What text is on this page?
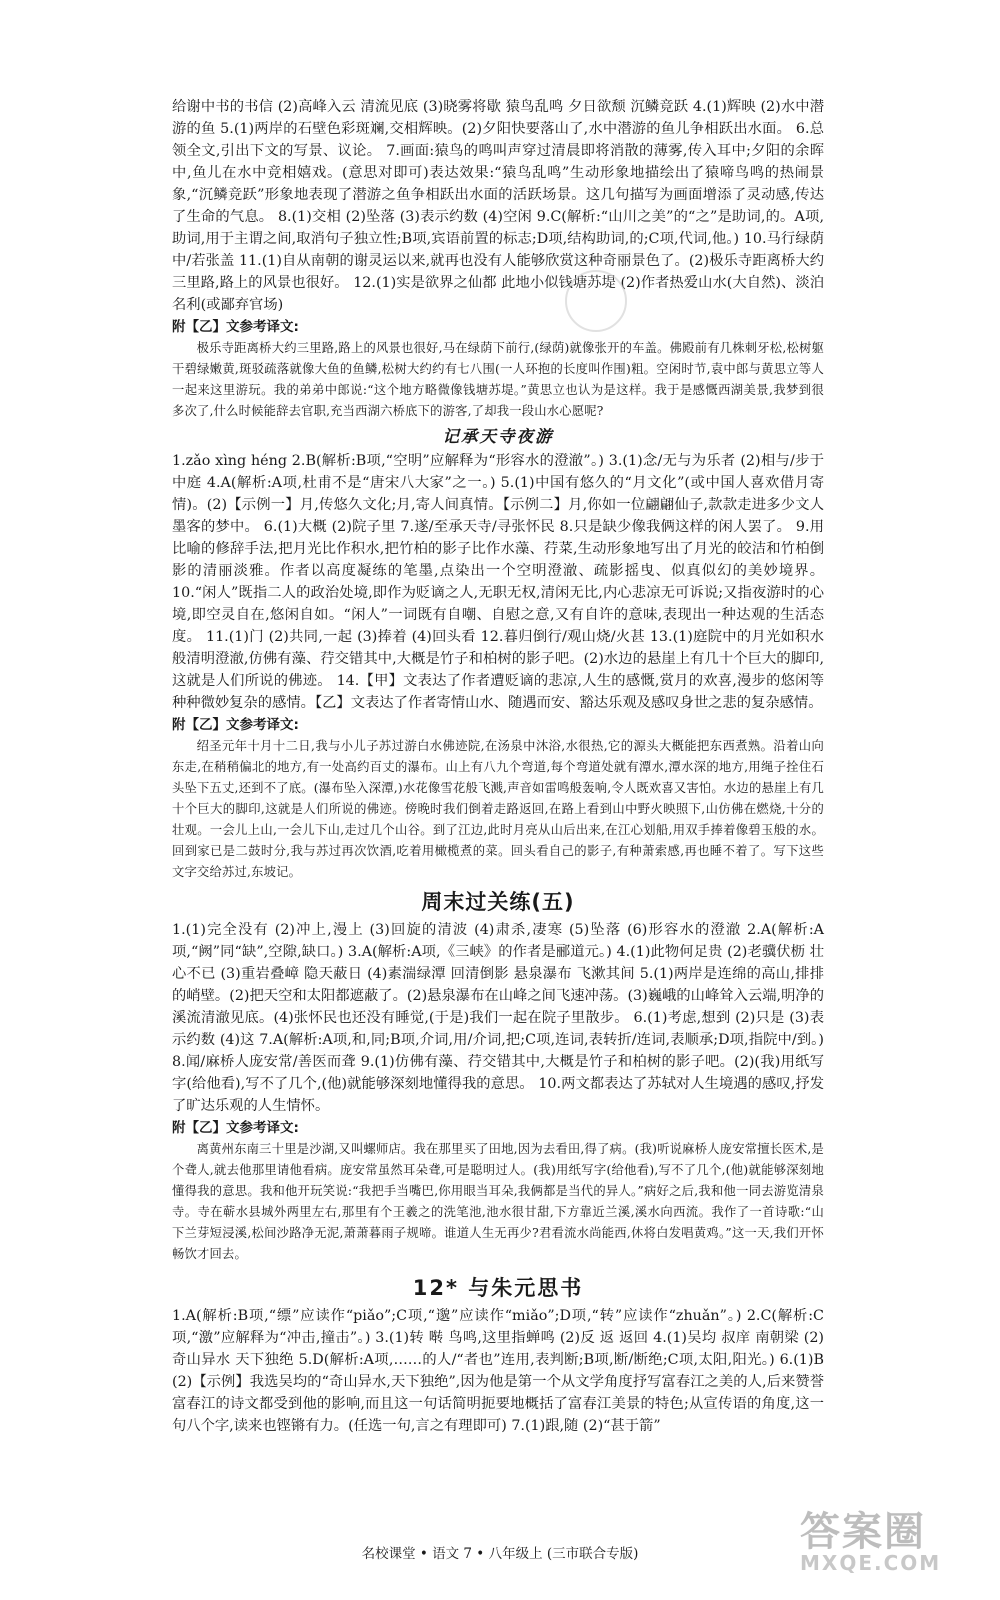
给谢中书的书信 (2)高峰入云 清流见底 (3)晓雾将歇 猿鸟乱鸣 夕日欲颓 沉鳞竞跃 4.(1)辉映 (2)水中潜游的鱼 5.(1)两岸的石壁色彩斑斓,交相辉映。(2)夕阳快要落山了,水中潜游的鱼儿争相跃出水面。 6.总领全文,引出下文的写景、议论。 7.画面:猿鸟的鸣叫声穿过清晨即将消散的薄雾,传入耳中;夕阳的余晖中,鱼儿在水中竞相嬉戏。(意思对即可)表达效果:“猿鸟乱鸣”生动形象地描绘出了猿啼鸟鸣的热闹景象,“沉鳞竞跃”形象地表现了潜游之鱼争相跃出水面的活跃场景。这几句描写为画面增添了灵动感,传达了生命的气息。 8.(1)交相 (2)坠落 (3)表示约数 (4)空闲 9.C(解析:“山川之美”的“之”是助词,的。A项,助词,用于主谓之间,取消句子独立性;B项,宾语前置的标志;D项,结构助词,的;C项,代词,他。) 10.马行绿荫中/若张盖 11.(1)自从南朝的谢灵运以来,就再也没有人能够欣赏这种奇丽景色了。(2)极乐寺距离桥大约三里路,路上的风景也很好。 12.(1)实是欲界之仙都 此地小似钱塘苏堤 (2)作者热爱山水(大自然)、淡泊名利(或鄙弃官场)

附【乙】文参考译文:

极乐寺距离桥大约三里路,路上的风景也很好,马在绿荫下前行,(绿荫)就像张开的车盖。佛殿前有几株刺牙松,松树躯干碧绿嫩黄,斑驳疏落就像大鱼的鱼鳞,松树大约约有七八围(一人环抱的长度叫作围)粗。空闲时节,袁中郎与黄思立等人一起来这里游玩。我的弟弟中郎说:“这个地方略微像钱塘苏堤。”黄思立也认为是这样。我于是感慨西湖美景,我梦到很多次了,什么时候能辞去官职,充当西湖六桥底下的游客,了却我一段山水心愿呢?

记承天寺夜游

1.zǎo xìng héng 2.B(解析:B项,“空明”应解释为“形容水的澄澈”。) 3.(1)念/无与为乐者 (2)相与/步于中庭 4.A(解析:A项,杜甫不是“唐宋八大家”之一。) 5.(1)中国有悠久的“月文化”(或中国人喜欢借月寄情)。(2)【示例一】月,传悠久文化;月,寄人间真情。【示例二】月,你如一位翩翩仙子,款款走进多少文人墨客的梦中。 6.(1)大概 (2)院子里 7.遂/至承天寺/寻张怀民 8.只是缺少像我俩这样的闲人罢了。 9.用比喻的修辞手法,把月光比作积水,把竹柏的影子比作水藻、荇菜,生动形象地写出了月光的皎洁和竹柏倒影的清丽淡雅。作者以高度凝练的笔墨,点染出一个空明澄澈、疏影摇曳、似真似幻的美妙境界。 10.“闲人”既指二人的政治处境,即作为贬谪之人,无职无权,清闲无比,内心悲凉无可诉说;又指夜游时的心境,即空灵自在,悠闲自如。“闲人”一词既有自嘲、自慰之意,又有自许的意味,表现出一种达观的生活态度。 11.(1)门 (2)共同,一起 (3)捧着 (4)回头看 12.暮归倒行/观山烧/火甚 13.(1)庭院中的月光如积水般清明澄澈,仿佛有藻、荇交错其中,大概是竹子和柏树的影子吧。(2)水边的悬崖上有几十个巨大的脚印,这就是人们所说的佛迹。 14.【甲】文表达了作者遭贬谪的悲凉,人生的感慨,赏月的欢喜,漫步的悠闲等种种微妙复杂的感情。【乙】文表达了作者寄情山水、随遇而安、豁达乐观及感叹身世之悲的复杂感情。

附【乙】文参考译文:

绍圣元年十月十二日,我与小儿子苏过游白水佛迹院,在汤泉中沐浴,水很热,它的源头大概能把东西煮熟。沿着山向东走,在稍稍偏北的地方,有一处高约百丈的瀑布。山上有八九个弯道,每个弯道处就有潭水,潭水深的地方,用绳子拴住石头坠下五丈,还到不了底。(瀑布坠入深潭,)水花像雪花般飞溅,声音如雷鸣般轰响,令人既欢喜又害怕。水边的悬崖上有几十个巨大的脚印,这就是人们所说的佛迹。傍晚时我们倒着走路返回,在路上看到山中野火映照下,山仿佛在燃烧,十分的壮观。一会儿上山,一会儿下山,走过几个山谷。到了江边,此时月亮从山后出来,在江心划船,用双手捧着像碧玉般的水。回到家已是二鼓时分,我与苏过再次饮酒,吃着用橄榄煮的菜。回头看自己的影子,有种萧索感,再也睡不着了。写下这些文字交给苏过,东坡记。

周末过关练(五)

1.(1)完全没有 (2)冲上,漫上 (3)回旋的清波 (4)肃杀,凄寒 (5)坠落 (6)形容水的澄澈 2.A(解析:A项,“阙”同“缺”,空隙,缺口。) 3.A(解析:A项,《三峡》的作者是郦道元。) 4.(1)此物何足贵 (2)老骥伏枥 壮心不已 (3)重岩叠嶂 隐天蔽日 (4)素湍绿潭 回清倒影 悬泉瀑布 飞漱其间 5.(1)两岸是连绵的高山,排排的峭壁。(2)把天空和太阳都遮蔽了。(2)悬泉瀑布在山峰之间飞速冲荡。(3)巍峨的山峰耸入云端,明净的溪流清澈见底。(4)张怀民也还没有睡觉,(于是)我们一起在院子里散步。 6.(1)考虑,想到 (2)只是 (3)表示约数 (4)这 7.A(解析:A项,和,同;B项,介词,用/介词,把;C项,连词,表转折/连词,表顺承;D项,指院中/到。) 8.闻/麻桥人庞安常/善医而聋 9.(1)仿佛有藻、荇交错其中,大概是竹子和柏树的影子吧。(2)(我)用纸写字(给他看),写不了几个,(他)就能够深刻地懂得我的意思。 10.两文都表达了苏轼对人生境遇的感叹,抒发了旷达乐观的人生情怀。

附【乙】文参考译文:

离黄州东南三十里是沙湖,又叫螺师店。我在那里买了田地,因为去看田,得了病。(我)听说麻桥人庞安常擅长医术,是个聋人,就去他那里请他看病。庞安常虽然耳朵聋,可是聪明过人。(我)用纸写字(给他看),写不了几个,(他)就能够深刻地懂得我的意思。我和他开玩笑说:“我把手当嘴巴,你用眼当耳朵,我俩都是当代的异人。”病好之后,我和他一同去游览清泉寺。寺在蕲水县城外两里左右,那里有个王羲之的洗笔池,池水很甘甜,下方靠近兰溪,溪水向西流。我作了一首诗歌:“山下兰芽短浸溪,松间沙路净无泥,萧萧暮雨子规啼。谁道人生无再少?君看流水尚能西,休将白发唱黄鸡。”这一天,我们开怀畅饮才回去。

12* 与朱元思书

1.A(解析:B项,“缥”应读作“piǎo”;C项,“邈”应读作“miǎo”;D项,“转”应读作“zhuǎn”。) 2.C(解析:C项,“激”应解释为“冲击,撞击”。) 3.(1)转 啭 鸟鸣,这里指蝉鸣 (2)反 返 返回 4.(1)吴均 叔庠 南朝梁 (2)奇山异水 天下独绝 5.D(解析:A项,……的人/“者也”连用,表判断;B项,断/断绝;C项,太阳,阳光。) 6.(1)B (2)【示例】我选吴均的“奇山异水,天下独绝”,因为他是第一个从文学角度抒写富春江之美的人,后来赞誉富春江的诗文都受到他的影响,而且这一句话简明扼要地概括了富春江美景的特色;从宣传语的角度,这一句八个字,读来也铿锵有力。(任选一句,言之有理即可) 7.(1)跟,随 (2)“甚于箭”

名校课堂 • 语文 7 • 八年级上 (三市联合专版)	答案圈
MXQE.COM
